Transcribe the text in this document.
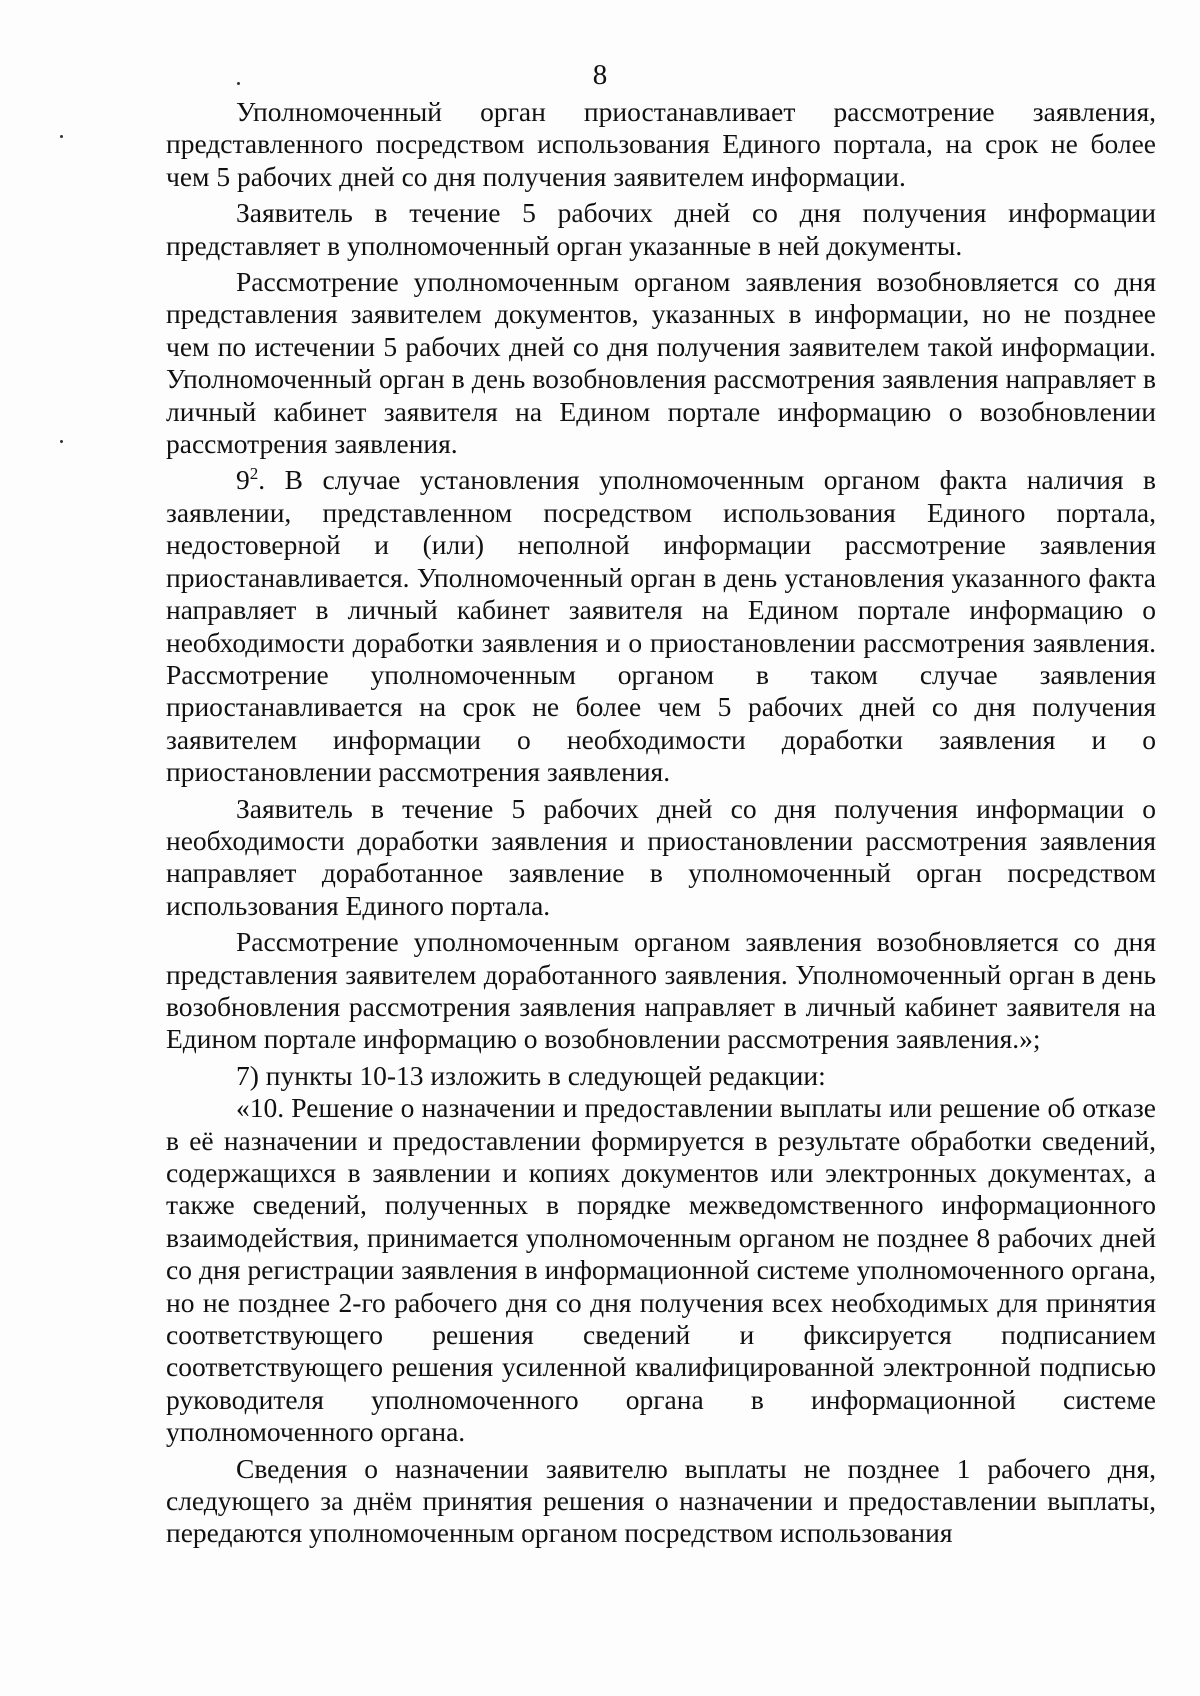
8

Уполномоченный орган приостанавливает рассмотрение заявления, представленного посредством использования Единого портала, на срок не более чем 5 рабочих дней со дня получения заявителем информации.

Заявитель в течение 5 рабочих дней со дня получения информации представляет в уполномоченный орган указанные в ней документы.

Рассмотрение уполномоченным органом заявления возобновляется со дня представления заявителем документов, указанных в информации, но не позднее чем по истечении 5 рабочих дней со дня получения заявителем такой информации. Уполномоченный орган в день возобновления рассмотрения заявления направляет в личный кабинет заявителя на Едином портале информацию о возобновлении рассмотрения заявления.

$9^2$. В случае установления уполномоченным органом факта наличия в заявлении, представленном посредством использования Единого портала, недостоверной и (или) неполной информации рассмотрение заявления приостанавливается. Уполномоченный орган в день установления указанного факта направляет в личный кабинет заявителя на Едином портале информацию о необходимости доработки заявления и о приостановлении рассмотрения заявления. Рассмотрение уполномоченным органом в таком случае заявления приостанавливается на срок не более чем 5 рабочих дней со дня получения заявителем информации о необходимости доработки заявления и о приостановлении рассмотрения заявления.

Заявитель в течение 5 рабочих дней со дня получения информации о необходимости доработки заявления и приостановлении рассмотрения заявления направляет доработанное заявление в уполномоченный орган посредством использования Единого портала.

Рассмотрение уполномоченным органом заявления возобновляется со дня представления заявителем доработанного заявления. Уполномоченный орган в день возобновления рассмотрения заявления направляет в личный кабинет заявителя на Едином портале информацию о возобновлении рассмотрения заявления.»;

7) пункты 10-13 изложить в следующей редакции:

«10. Решение о назначении и предоставлении выплаты или решение об отказе в её назначении и предоставлении формируется в результате обработки сведений, содержащихся в заявлении и копиях документов или электронных документах, а также сведений, полученных в порядке межведомственного информационного взаимодействия, принимается уполномоченным органом не позднее 8 рабочих дней со дня регистрации заявления в информационной системе уполномоченного органа, но не позднее 2-го рабочего дня со дня получения всех необходимых для принятия соответствующего решения сведений и фиксируется подписанием соответствующего решения усиленной квалифицированной электронной подписью руководителя уполномоченного органа в информационной системе уполномоченного органа.

Сведения о назначении заявителю выплаты не позднее 1 рабочего дня, следующего за днём принятия решения о назначении и предоставлении выплаты, передаются уполномоченным органом посредством использования
